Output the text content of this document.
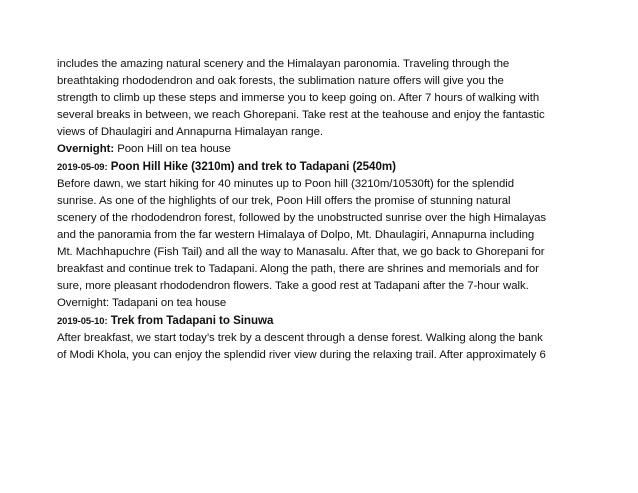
includes the amazing natural scenery and the Himalayan paronomia. Traveling through the
breathtaking rhododendron and oak forests, the sublimation nature offers will give you the
strength to climb up these steps and immerse you to keep going on. After 7 hours of walking with
several breaks in between, we reach Ghorepani. Take rest at the teahouse and enjoy the fantastic
views of Dhaulagiri and Annapurna Himalayan range.

Overnight: Poon Hill on tea house

2019-05-09: Poon Hill Hike (3210m) and trek to Tadapani (2540m)

Before dawn, we start hiking for 40 minutes up to Poon hill (3210m/10530ft) for the splendid
sunrise. As one of the highlights of our trek, Poon Hill offers the promise of stunning natural
scenery of the rhododendron forest, followed by the unobstructed sunrise over the high Himalayas
and the panoramia from the far western Himalaya of Dolpo, Mt. Dhaulagiri, Annapurna including
Mt. Machhapuchre (Fish Tail) and all the way to Manasalu. After that, we go back to Ghorepani for
breakfast and continue trek to Tadapani. Along the path, there are shrines and memorials and for
sure, more pleasant rhododendron flowers. Take a good rest at Tadapani after the 7-hour walk.

Overnight: Tadapani on tea house

2019-05-10: Trek from Tadapani to Sinuwa

After breakfast, we start today’s trek by a descent through a dense forest. Walking along the bank
of Modi Khola, you can enjoy the splendid river view during the relaxing trail. After approximately 6
